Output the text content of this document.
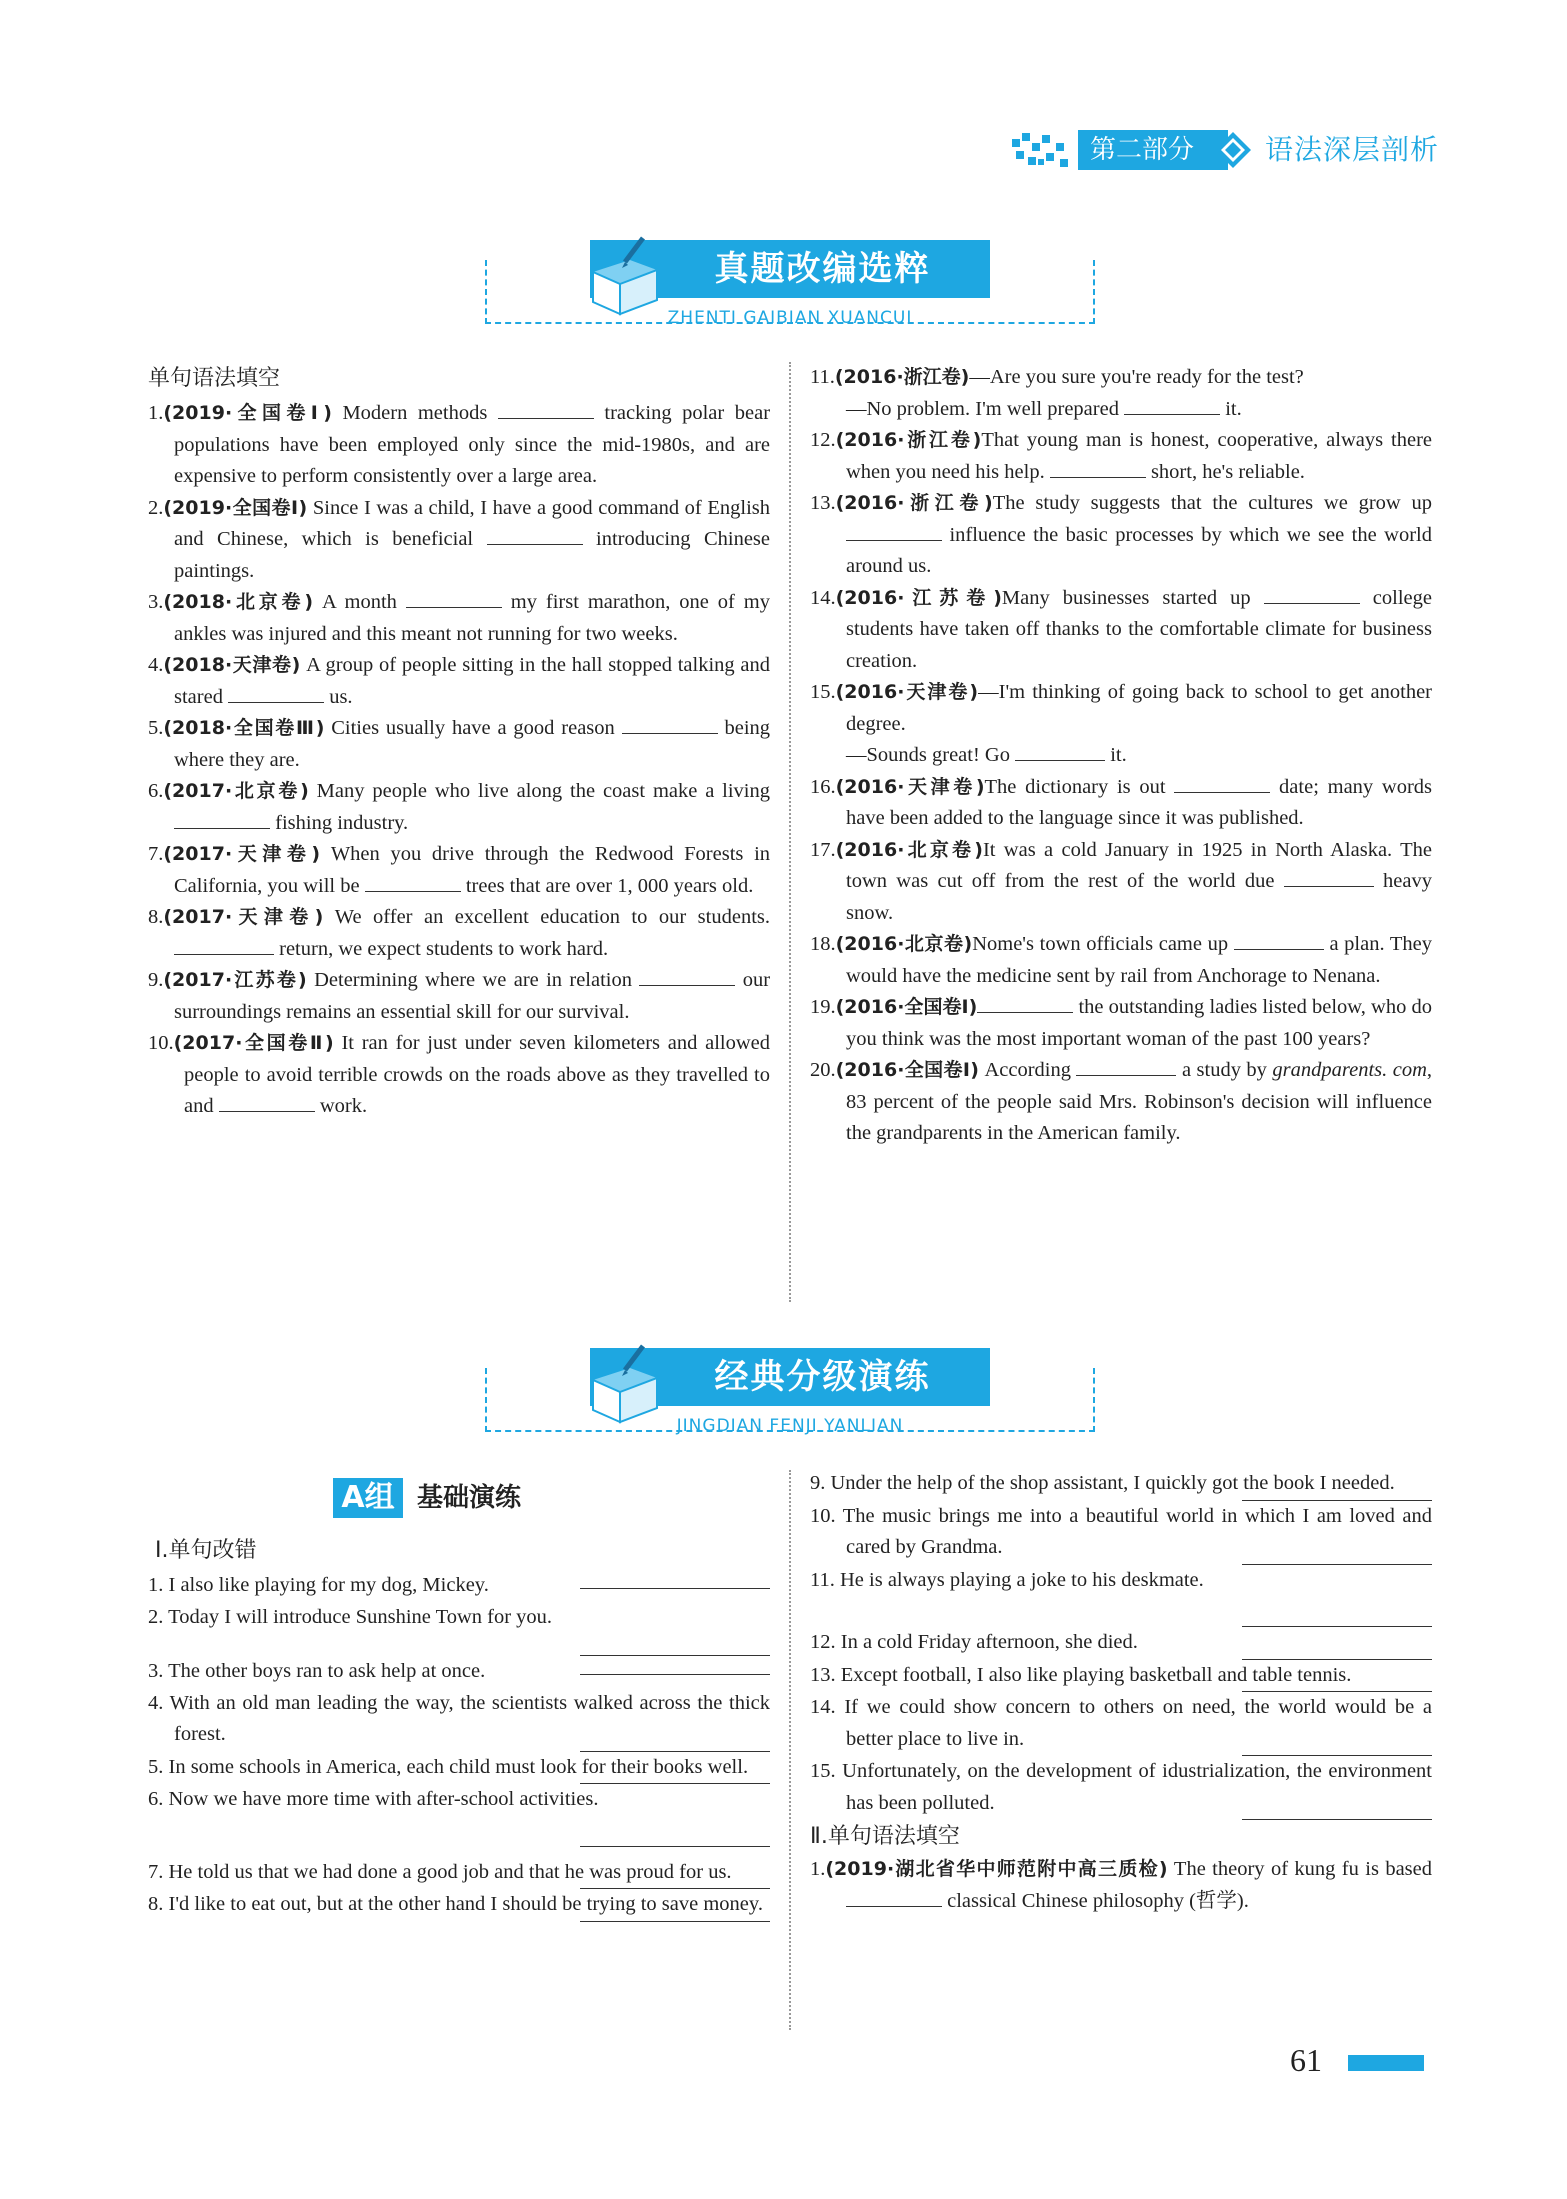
第二部分	语法深层剖析
真题改编选粹
ZHENTI GAIBIAN XUANCUI
单句语法填空

1.(2019·全国卷Ⅰ) Modern methods	tracking polar bear populations have been employed only since the mid-1980s, and are expensive to perform consistently over a large area.

2.(2019·全国卷Ⅰ) Since I was a child, I have a good command of English and Chinese, which is beneficial	introducing Chinese paintings.

3.(2018·北京卷) A month	my first marathon, one of my ankles was injured and this meant not running for two weeks.

4.(2018·天津卷) A group of people sitting in the hall stopped talking and stared	us.

5.(2018·全国卷Ⅲ) Cities usually have a good reason	being where they are.

6.(2017·北京卷) Many people who live along the coast make a living  fishing industry.

7.(2017·天津卷) When you drive through the Redwood Forests in California, you will be	trees that are over 1, 000 years old.

8.(2017·天津卷) We offer an excellent education to our students.  return, we expect students to work hard.

9.(2017·江苏卷) Determining where we are in relation	our surroundings remains an essential skill for our survival.

10.(2017·全国卷Ⅱ) It ran for just under seven kilometers and allowed people to avoid terrible crowds on the roads above as they travelled to and	work.

11.(2016·浙江卷)—Are you sure you're ready for the test?
—No problem. I'm well prepared	it.

12.(2016·浙江卷)That young man is honest, cooperative, always there when you need his help.	short, he's reliable.

13.(2016·浙江卷)The study suggests that the cultures we grow up  influence the basic processes by which we see the world around us.

14.(2016·江苏卷)Many businesses started up	college students have taken off thanks to the comfortable climate for business creation.

15.(2016·天津卷)—I'm thinking of going back to school to get another degree.
—Sounds great! Go	it.

16.(2016·天津卷)The dictionary is out	date; many words have been added to the language since it was published.

17.(2016·北京卷)It was a cold January in 1925 in North Alaska. The town was cut off from the rest of the world due	heavy snow.

18.(2016·北京卷)Nome's town officials came up	a plan. They would have the medicine sent by rail from Anchorage to Nenana.

19.(2016·全国卷Ⅰ)	the outstanding ladies listed below, who do you think was the most important woman of the past 100 years?

20.(2016·全国卷Ⅰ) According	a study by grandparents. com, 83 percent of the people said Mrs. Robinson's decision will influence the grandparents in the American family.

经典分级演练
JINGDIAN FENJI YANLIAN
A组 基础演练
Ⅰ.单句改错

1. I also like playing for my dog, Mickey.

2. Today I will introduce Sunshine Town for you.

3. The other boys ran to ask help at once.

4. With an old man leading the way, the scientists walked across the thick forest.

5. In some schools in America, each child must look for their books well.

6. Now we have more time with after-school activities.

7. He told us that we had done a good job and that he was proud for us.

8. I'd like to eat out, but at the other hand I should be trying to save money.

9. Under the help of the shop assistant, I quickly got the book I needed.

10. The music brings me into a beautiful world in which I am loved and cared by Grandma.

11. He is always playing a joke to his deskmate.

12. In a cold Friday afternoon, she died.

13. Except football, I also like playing basketball and table tennis.

14. If we could show concern to others on need, the world would be a better place to live in.

15. Unfortunately, on the development of idustrialization, the environment has been polluted.

Ⅱ.单句语法填空

1.(2019·湖北省华中师范附中高三质检) The theory of kung fu is based  classical Chinese philosophy (哲学).

61
